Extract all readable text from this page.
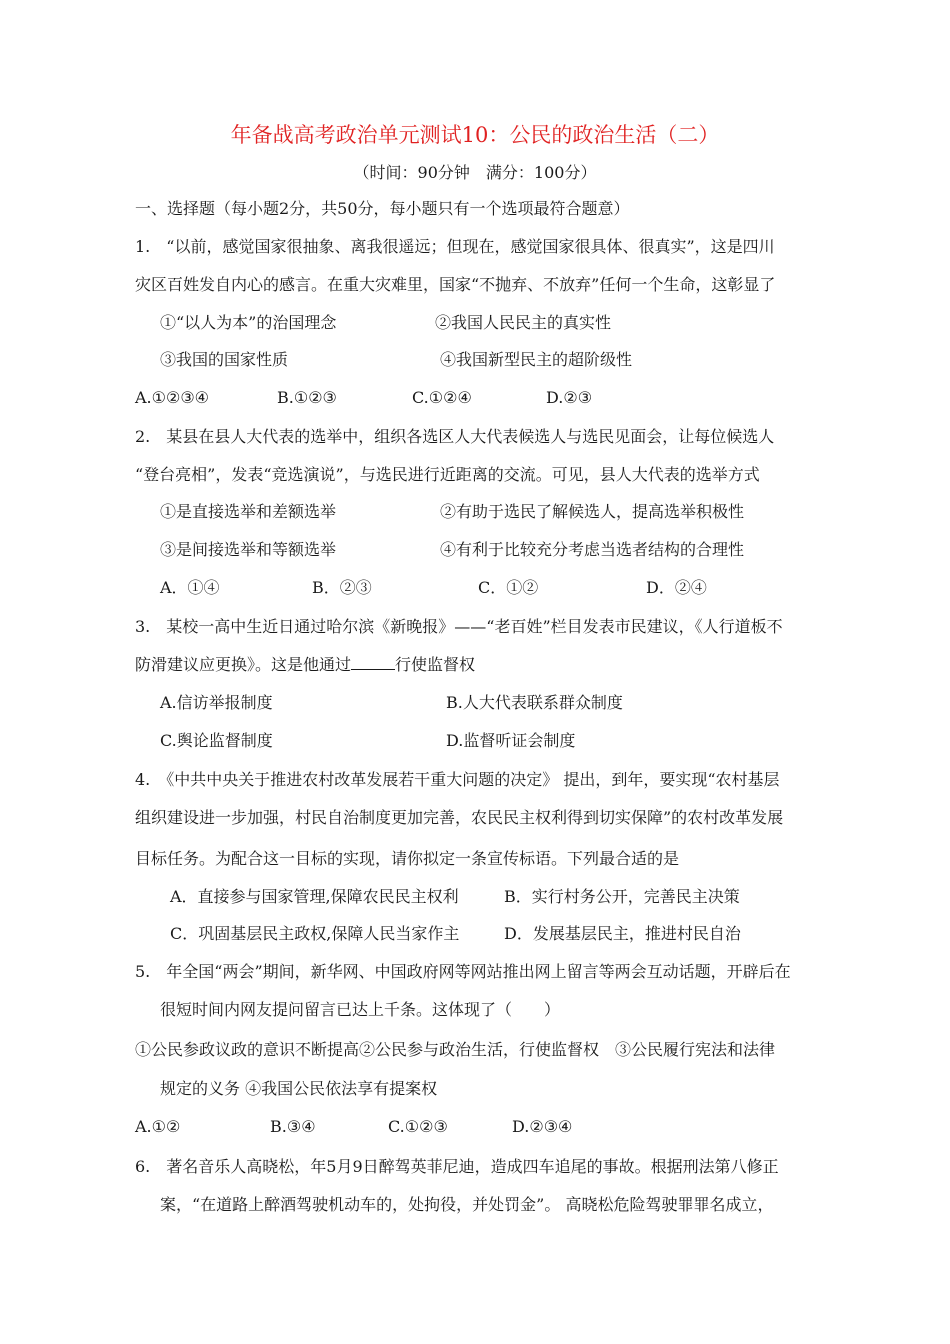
年备战高考政治单元测试10：公民的政治生活（二）
（时间：90分钟　满分：100分）
一、选择题（每小题2分，共50分，每小题只有一个选项最符合题意）
1.　“以前，感觉国家很抽象、离我很遥远；但现在，感觉国家很具体、很真实”，这是四川
灾区百姓发自内心的感言。在重大灾难里，国家“不抛弃、不放弃”任何一个生命，这彰显了
①“以人为本”的治国理念	②我国人民民主的真实性
③我国的国家性质	④我国新型民主的超阶级性
A.①②③④	B.①②③	C.①②④	D.②③
2.　某县在县人大代表的选举中，组织各选区人大代表候选人与选民见面会，让每位候选人
“登台亮相”，发表“竞选演说”，与选民进行近距离的交流。可见，县人大代表的选举方式
①是直接选举和差额选举	②有助于选民了解候选人，提高选举积极性
③是间接选举和等额选举	④有利于比较充分考虑当选者结构的合理性
A．①④	B．②③	C．①②	D．②④
3.　某校一高中生近日通过哈尔滨《新晚报》——“老百姓”栏目发表市民建议，《人行道板不
防滑建议应更换》。这是他通过	行使监督权
A.信访举报制度	B.人大代表联系群众制度
C.舆论监督制度	D.监督听证会制度
4.　《中共中央关于推进农村改革发展若干重大问题的决定》 提出，到年，要实现“农村基层
组织建设进一步加强，村民自治制度更加完善，农民民主权利得到切实保障”的农村改革发展
目标任务。为配合这一目标的实现，请你拟定一条宣传标语。下列最合适的是
A．直接参与国家管理,保障农民民主权利	B．实行村务公开，完善民主决策
C．巩固基层民主政权,保障人民当家作主	D．发展基层民主，推进村民自治
5.　年全国“两会”期间，新华网、中国政府网等网站推出网上留言等两会互动话题，开辟后在
很短时间内网友提问留言已达上千条。这体现了（　　）
①公民参政议政的意识不断提高②公民参与政治生活，行使监督权　③公民履行宪法和法律
规定的义务 ④我国公民依法享有提案权
A.①②	B.③④	C.①②③	D.②③④
6.　著名音乐人高晓松，年5月9日醉驾英菲尼迪，造成四车追尾的事故。根据刑法第八修正
案，“在道路上醉酒驾驶机动车的，处拘役，并处罚金”。 高晓松危险驾驶罪罪名成立，
